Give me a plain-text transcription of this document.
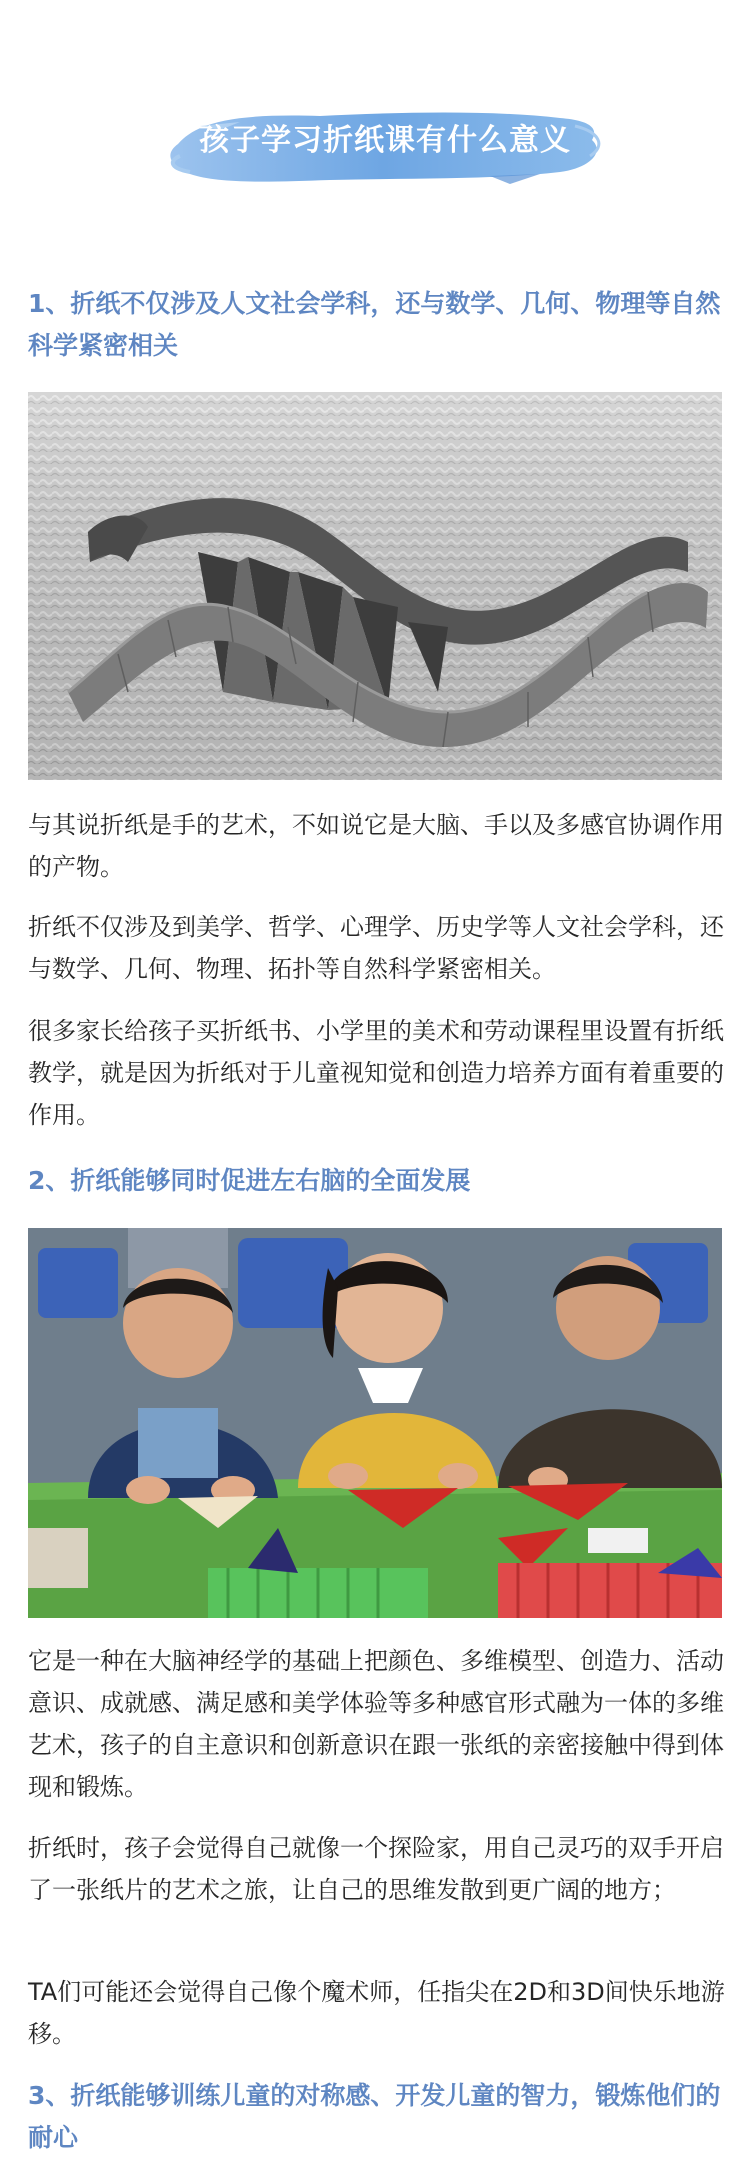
孩子学习折纸课有什么意义
1、折纸不仅涉及人文社会学科，还与数学、几何、物理等自然科学紧密相关
与其说折纸是手的艺术，不如说它是大脑、手以及多感官协调作用的产物。
折纸不仅涉及到美学、哲学、心理学、历史学等人文社会学科，还与数学、几何、物理、拓扑等自然科学紧密相关。
很多家长给孩子买折纸书、小学里的美术和劳动课程里设置有折纸教学，就是因为折纸对于儿童视知觉和创造力培养方面有着重要的作用。
2、折纸能够同时促进左右脑的全面发展
它是一种在大脑神经学的基础上把颜色、多维模型、创造力、活动意识、成就感、满足感和美学体验等多种感官形式融为一体的多维艺术，孩子的自主意识和创新意识在跟一张纸的亲密接触中得到体现和锻炼。
折纸时，孩子会觉得自己就像一个探险家，用自己灵巧的双手开启了一张纸片的艺术之旅，让自己的思维发散到更广阔的地方；
TA们可能还会觉得自己像个魔术师，任指尖在2D和3D间快乐地游移。
3、折纸能够训练儿童的对称感、开发儿童的智力，锻炼他们的耐心
